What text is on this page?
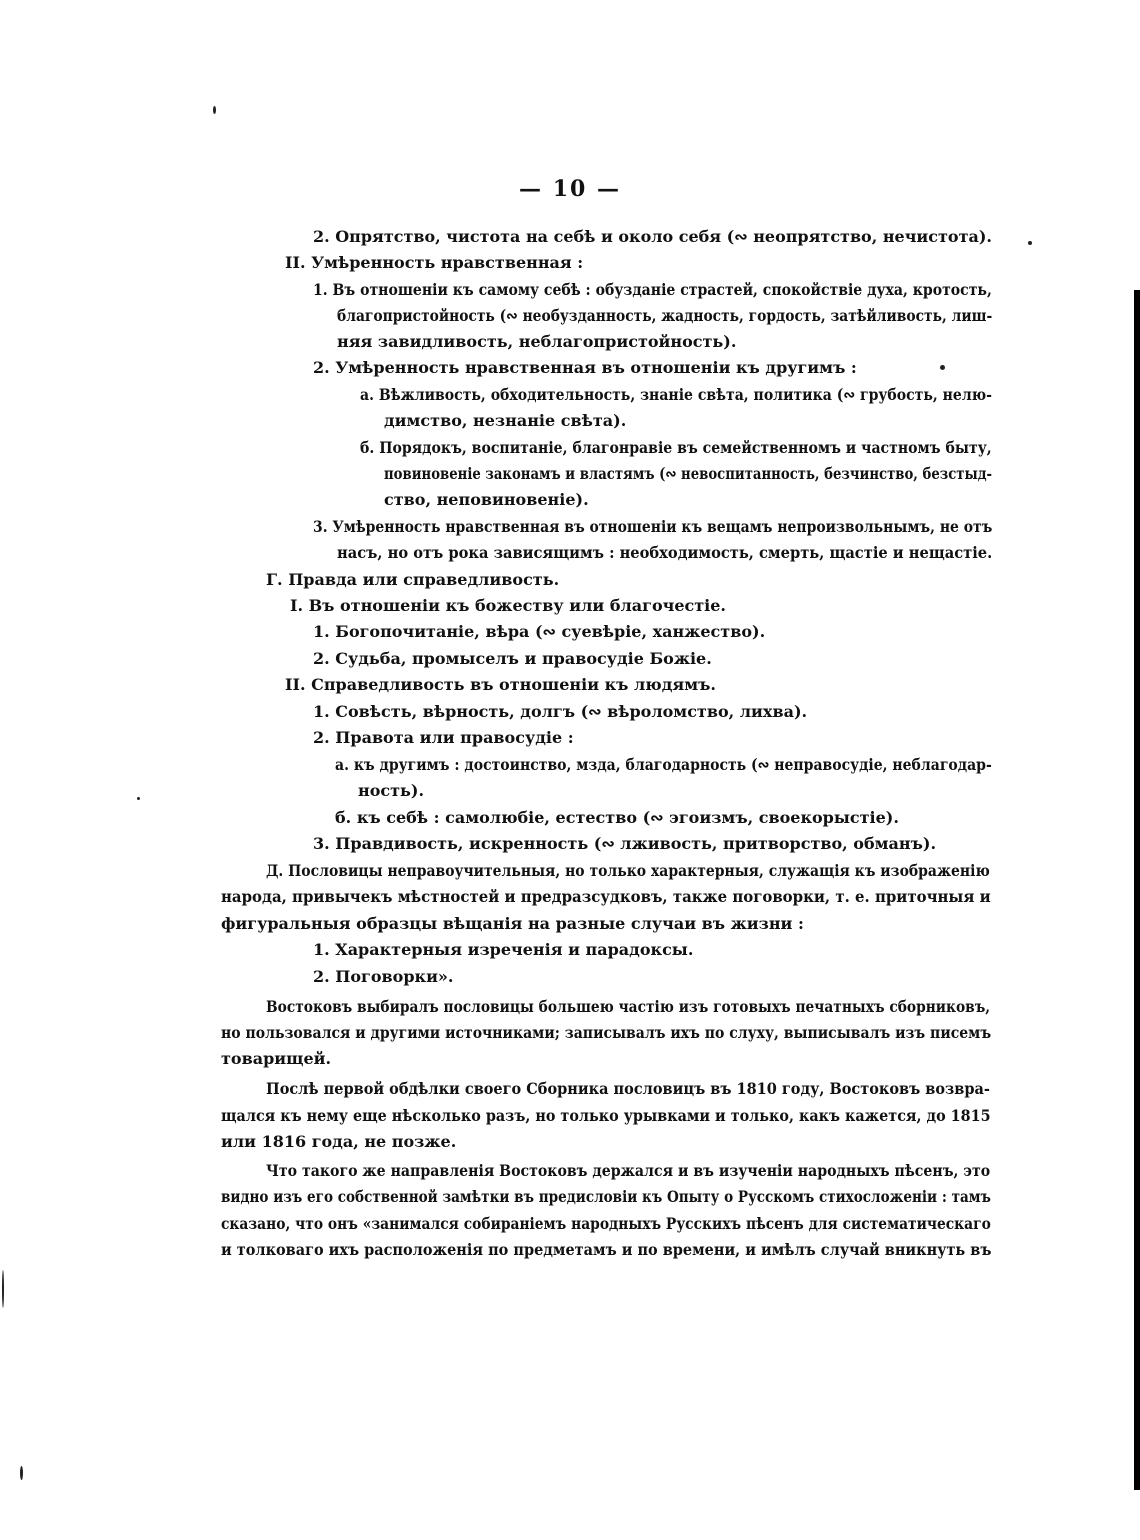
— 10 —
2. Опрятство, чистота на себѣ и около себя (∾ неопрятство, нечистота).
II. Умѣренность нравственная :
1. Въ отношеніи къ самому себѣ : обузданіе страстей, спокойствіе духа, кротость,
благопристойность (∾ необузданность, жадность, гордость, затѣйливость, лиш-
няя завидливость, неблагопристойность).
2. Умѣренность нравственная въ отношеніи къ другимъ :
а. Вѣжливость, обходительность, знаніе свѣта, политика (∾ грубость, нелю-
димство, незнаніе свѣта).
б. Порядокъ, воспитаніе, благонравіе въ семейственномъ и частномъ быту,
повиновеніе законамъ и властямъ (∾ невоспитанность, безчинство, безстыд-
ство, неповиновеніе).
3. Умѣренность нравственная въ отношеніи къ вещамъ непроизвольнымъ, не отъ
насъ, но отъ рока зависящимъ : необходимость, смерть, щастіе и нещастіе.
Г. Правда или справедливость.
I. Въ отношеніи къ божеству или благочестіе.
1. Богопочитаніе, вѣра (∾ суевѣріе, ханжество).
2. Судьба, промыселъ и правосудіе Божіе.
II. Справедливость въ отношеніи къ людямъ.
1. Совѣсть, вѣрность, долгъ (∾ вѣроломство, лихва).
2. Правота или правосудіе :
а. къ другимъ : достоинство, мзда, благодарность (∾ неправосудіе, неблагодар-
ность).
б. къ себѣ : самолюбіе, естество (∾ эгоизмъ, своекорыстіе).
3. Правдивость, искренность (∾ лживость, притворство, обманъ).
Д. Пословицы неправоучительныя, но только характерныя, служащія къ изображенію
народа, привычекъ мѣстностей и предразсудковъ, также поговорки, т. е. приточныя и
фигуральныя образцы вѣщанія на разные случаи въ жизни :
1. Характерныя изреченія и парадоксы.
2. Поговорки».
Востоковъ выбиралъ пословицы большею частію изъ готовыхъ печатныхъ сборниковъ,
но пользовался и другими источниками; записывалъ ихъ по слуху, выписывалъ изъ писемъ
товарищей.
Послѣ первой обдѣлки своего Сборника пословицъ въ 1810 году, Востоковъ возвра-
щался къ нему еще нѣсколько разъ, но только урывками и только, какъ кажется, до 1815
или 1816 года, не позже.
Что такого же направленія Востоковъ держался и въ изученіи народныхъ пѣсенъ, это
видно изъ его собственной замѣтки въ предисловіи къ Опыту о Русскомъ стихосложеніи : тамъ
сказано, что онъ «занимался собираніемъ народныхъ Русскихъ пѣсенъ для систематическаго
и толковаго ихъ расположенія по предметамъ и по времени, и имѣлъ случай вникнуть въ
